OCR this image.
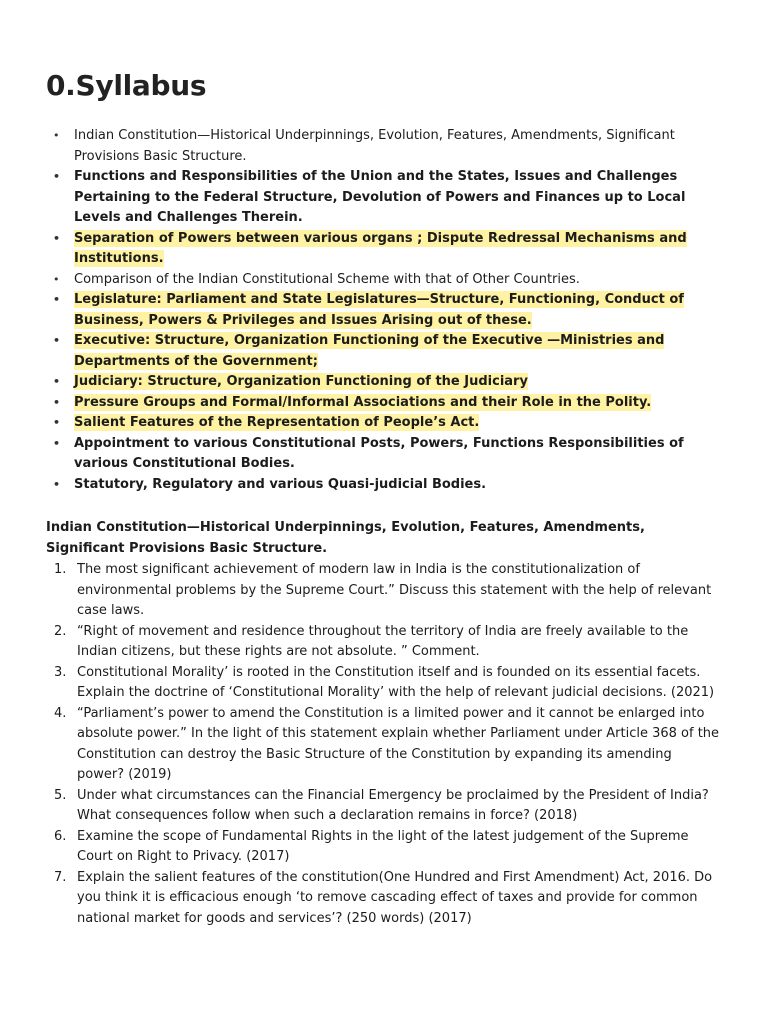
0.Syllabus
• Indian Constitution—Historical Underpinnings, Evolution, Features, Amendments, Significant Provisions Basic Structure.
• Functions and Responsibilities of the Union and the States, Issues and Challenges Pertaining to the Federal Structure, Devolution of Powers and Finances up to Local Levels and Challenges Therein.
• Separation of Powers between various organs ; Dispute Redressal Mechanisms and Institutions.
• Comparison of the Indian Constitutional Scheme with that of Other Countries.
• Legislature: Parliament and State Legislatures—Structure, Functioning, Conduct of Business, Powers & Privileges and Issues Arising out of these.
• Executive: Structure, Organization Functioning of the Executive —Ministries and Departments of the Government;
• Judiciary: Structure, Organization Functioning of the Judiciary
• Pressure Groups and Formal/Informal Associations and their Role in the Polity.
• Salient Features of the Representation of People’s Act.
• Appointment to various Constitutional Posts, Powers, Functions Responsibilities of various Constitutional Bodies.
• Statutory, Regulatory and various Quasi-judicial Bodies.

Indian Constitution—Historical Underpinnings, Evolution, Features, Amendments, Significant Provisions Basic Structure.

1. The most significant achievement of modern law in India is the constitutionalization of environmental problems by the Supreme Court.” Discuss this statement with the help of relevant case laws.
2. “Right of movement and residence throughout the territory of India are freely available to the Indian citizens, but these rights are not absolute. ” Comment.
3. Constitutional Morality’ is rooted in the Constitution itself and is founded on its essential facets. Explain the doctrine of ‘Constitutional Morality’ with the help of relevant judicial decisions. (2021)
4. “Parliament’s power to amend the Constitution is a limited power and it cannot be enlarged into absolute power.” In the light of this statement explain whether Parliament under Article 368 of the Constitution can destroy the Basic Structure of the Constitution by expanding its amending power? (2019)
5. Under what circumstances can the Financial Emergency be proclaimed by the President of India? What consequences follow when such a declaration remains in force? (2018)
6. Examine the scope of Fundamental Rights in the light of the latest judgement of the Supreme Court on Right to Privacy. (2017)
7. Explain the salient features of the constitution(One Hundred and First Amendment) Act, 2016. Do you think it is efficacious enough ‘to remove cascading effect of taxes and provide for common national market for goods and services’? (250 words) (2017)
